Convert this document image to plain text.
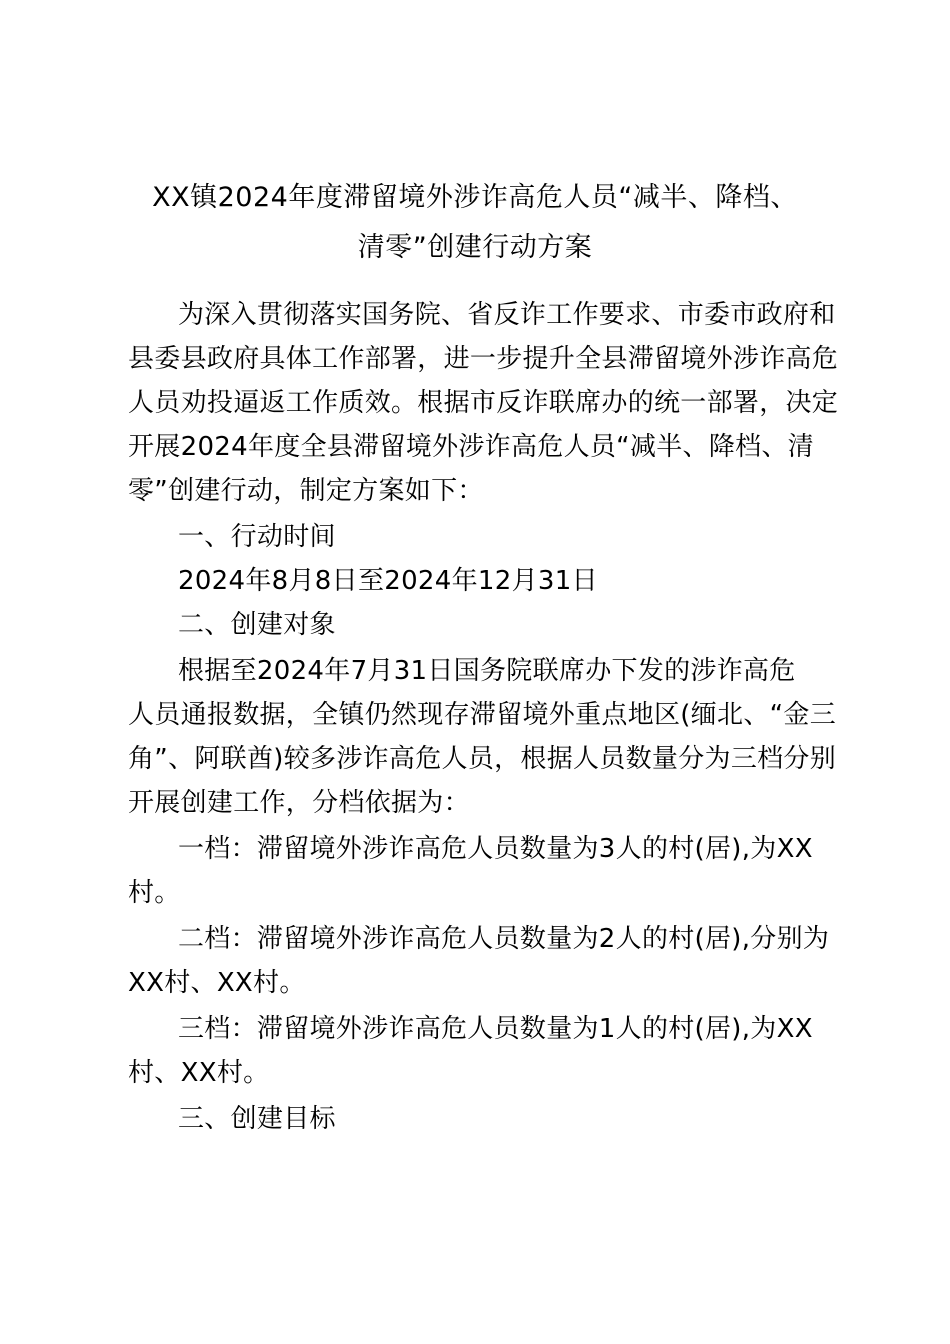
XX镇2024年度滞留境外涉诈高危人员“减半、降档、
清零”创建行动方案

为深入贯彻落实国务院、省反诈工作要求、市委市政府和

县委县政府具体工作部署，进一步提升全县滞留境外涉诈高危

人员劝投逼返工作质效。根据市反诈联席办的统一部署，决定

开展2024年度全县滞留境外涉诈高危人员“减半、降档、清

零”创建行动，制定方案如下：

一、行动时间

2024年8月8日至2024年12月31日

二、创建对象

根据至2024年7月31日国务院联席办下发的涉诈高危

人员通报数据，全镇仍然现存滞留境外重点地区(缅北、“金三

角”、阿联酋)较多涉诈高危人员，根据人员数量分为三档分别

开展创建工作，分档依据为：

一档：滞留境外涉诈高危人员数量为3人的村(居),为XX

村。

二档：滞留境外涉诈高危人员数量为2人的村(居),分别为

XX村、XX村。

三档：滞留境外涉诈高危人员数量为1人的村(居),为XX

村、XX村。

三、创建目标
